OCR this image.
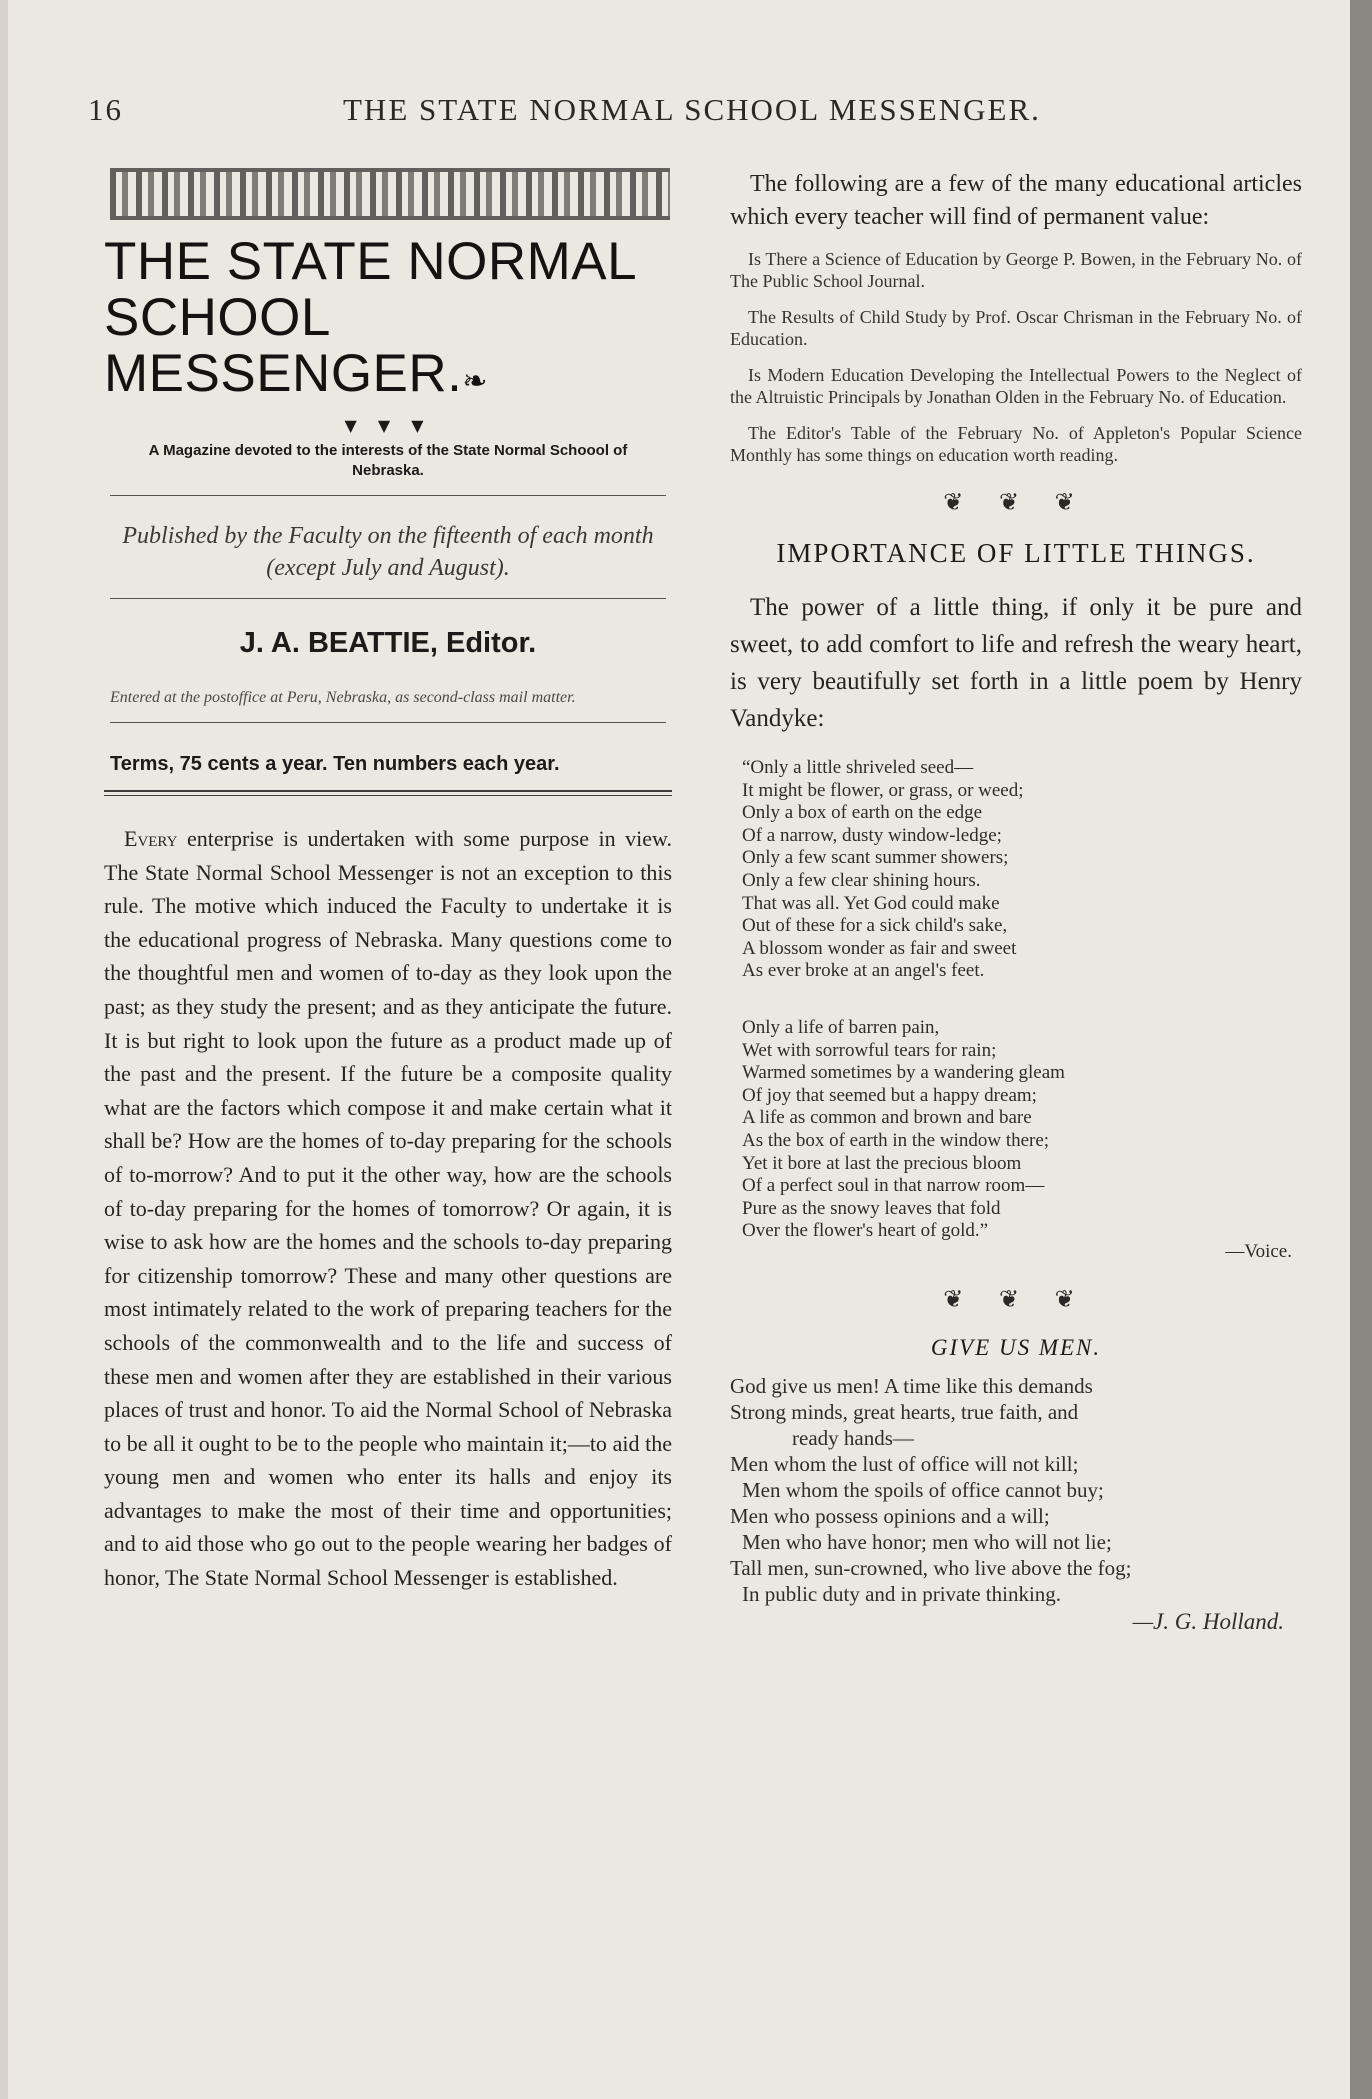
16	THE STATE NORMAL SCHOOL MESSENGER.
THE STATE NORMAL
SCHOOL MESSENGER.❧
▼ ▼ ▼
A Magazine devoted to the interests of the State Normal Schoool of Nebraska.
Published by the Faculty on the fifteenth of each month (except July and August).
J. A. BEATTIE, Editor.
Entered at the postoffice at Peru, Nebraska, as second-class mail matter.
Terms, 75 cents a year. Ten numbers each year.
Every enterprise is undertaken with some purpose in view. The State Normal School Messenger is not an exception to this rule. The motive which induced the Faculty to undertake it is the educational progress of Nebraska. Many questions come to the thoughtful men and women of to-day as they look upon the past; as they study the present; and as they anticipate the future. It is but right to look upon the future as a product made up of the past and the present. If the future be a composite quality what are the factors which compose it and make certain what it shall be? How are the homes of to-day preparing for the schools of to-morrow? And to put it the other way, how are the schools of to-day preparing for the homes of tomorrow? Or again, it is wise to ask how are the homes and the schools to-day preparing for citizenship tomorrow? These and many other questions are most intimately related to the work of preparing teachers for the schools of the commonwealth and to the life and success of these men and women after they are established in their various places of trust and honor. To aid the Normal School of Nebraska to be all it ought to be to the people who maintain it;—to aid the young men and women who enter its halls and enjoy its advantages to make the most of their time and opportunities; and to aid those who go out to the people wearing her badges of honor, The State Normal School Messenger is established.
The following are a few of the many educational articles which every teacher will find of permanent value:
Is There a Science of Education by George P. Bowen, in the February No. of The Public School Journal.
The Results of Child Study by Prof. Oscar Chrisman in the February No. of Education.
Is Modern Education Developing the Intellectual Powers to the Neglect of the Altruistic Principals by Jonathan Olden in the February No. of Education.
The Editor's Table of the February No. of Appleton's Popular Science Monthly has some things on education worth reading.
❦ ❦ ❦
IMPORTANCE OF LITTLE THINGS.
The power of a little thing, if only it be pure and sweet, to add comfort to life and refresh the weary heart, is very beautifully set forth in a little poem by Henry Vandyke:
“Only a little shriveled seed—
It might be flower, or grass, or weed;
Only a box of earth on the edge
Of a narrow, dusty window-ledge;
Only a few scant summer showers;
Only a few clear shining hours.
That was all. Yet God could make
Out of these for a sick child's sake,
A blossom wonder as fair and sweet
As ever broke at an angel's feet.
Only a life of barren pain,
Wet with sorrowful tears for rain;
Warmed sometimes by a wandering gleam
Of joy that seemed but a happy dream;
A life as common and brown and bare
As the box of earth in the window there;
Yet it bore at last the precious bloom
Of a perfect soul in that narrow room—
Pure as the snowy leaves that fold
Over the flower's heart of gold.”
—Voice.
❦ ❦ ❦
GIVE US MEN.
God give us men! A time like this demands
Strong minds, great hearts, true faith, and
ready hands—
Men whom the lust of office will not kill;
Men whom the spoils of office cannot buy;
Men who possess opinions and a will;
Men who have honor; men who will not lie;
Tall men, sun-crowned, who live above the fog;
In public duty and in private thinking.
—J. G. Holland.
